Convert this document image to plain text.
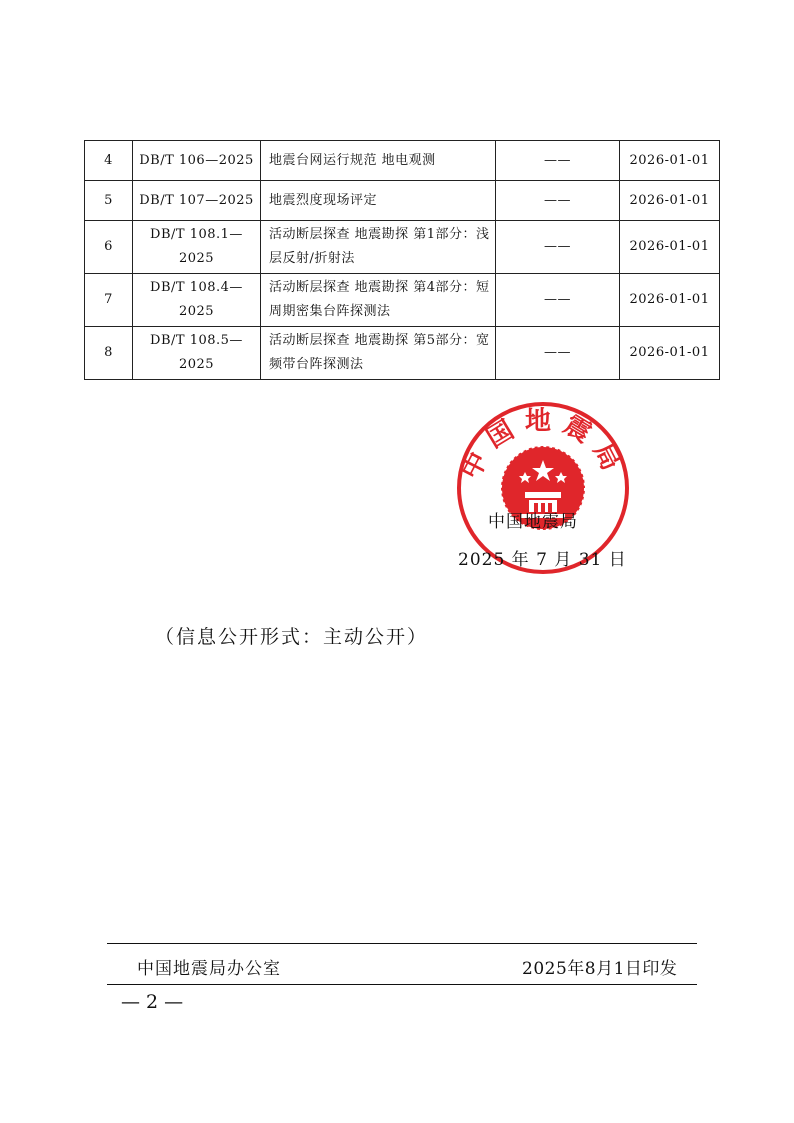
4	DB/T 106—2025	地震台网运行规范 地电观测	——	2026-01-01
5	DB/T 107—2025	地震烈度现场评定	——	2026-01-01
6	DB/T 108.1—2025	活动断层探查 地震勘探 第1部分：浅层反射/折射法	——	2026-01-01
7	DB/T 108.4—2025	活动断层探查 地震勘探 第4部分：短周期密集台阵探测法	——	2026-01-01
8	DB/T 108.5—2025	活动断层探查 地震勘探 第5部分：宽频带台阵探测法	——	2026-01-01
中国地震局
中国地震局
2025 年 7 月 31 日
（信息公开形式：主动公开）
中国地震局办公室	2025年8月1日印发
— 2 —
